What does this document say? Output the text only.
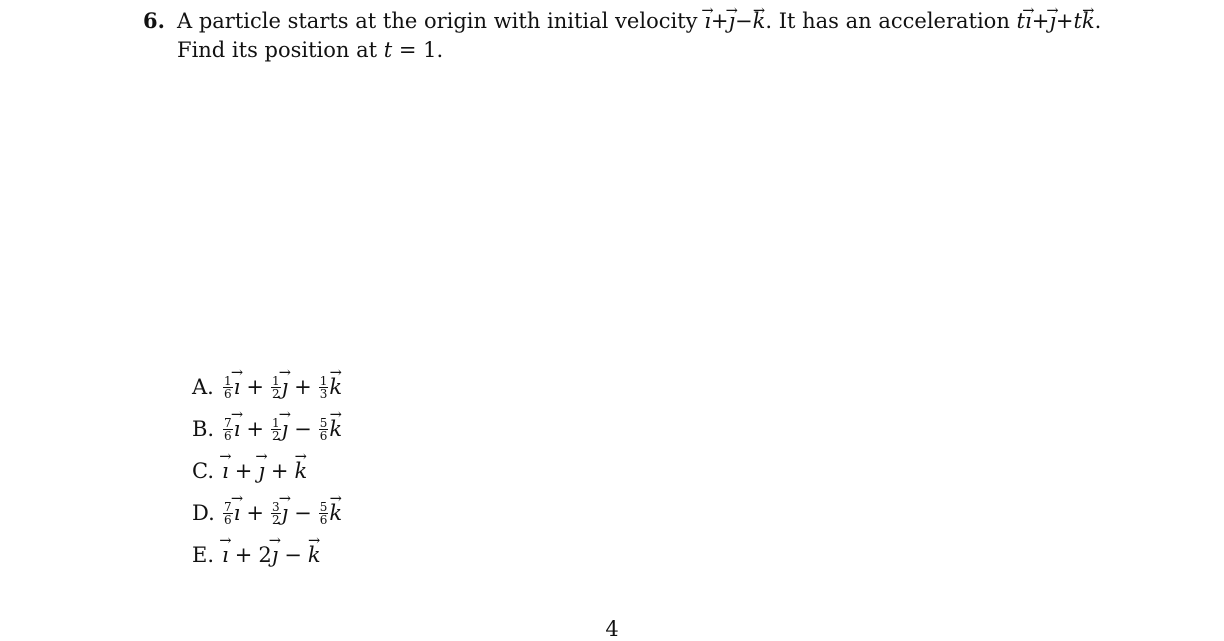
6. A particle starts at the origin with initial velocity → ı+→ ȷ−→ k. It has an acceleration t→ ı+→ ȷ+t→ k.
Find its position at t = 1.
A. $\frac{1}{6}$
→ ı + $\frac{1}{2}$
→ ȷ + $\frac{1}{3}$
→ k
B. $\frac{7}{6}$
→ ı + $\frac{1}{2}$
→ ȷ − $\frac{5}{6}$
→ k
C.
→ ı +
→ ȷ +
→ k
D. $\frac{7}{6}$
→ ı + $\frac{3}{2}$
→ ȷ − $\frac{5}{6}$
→ k
E.
→ ı + 2
→ ȷ −
→ k
4
